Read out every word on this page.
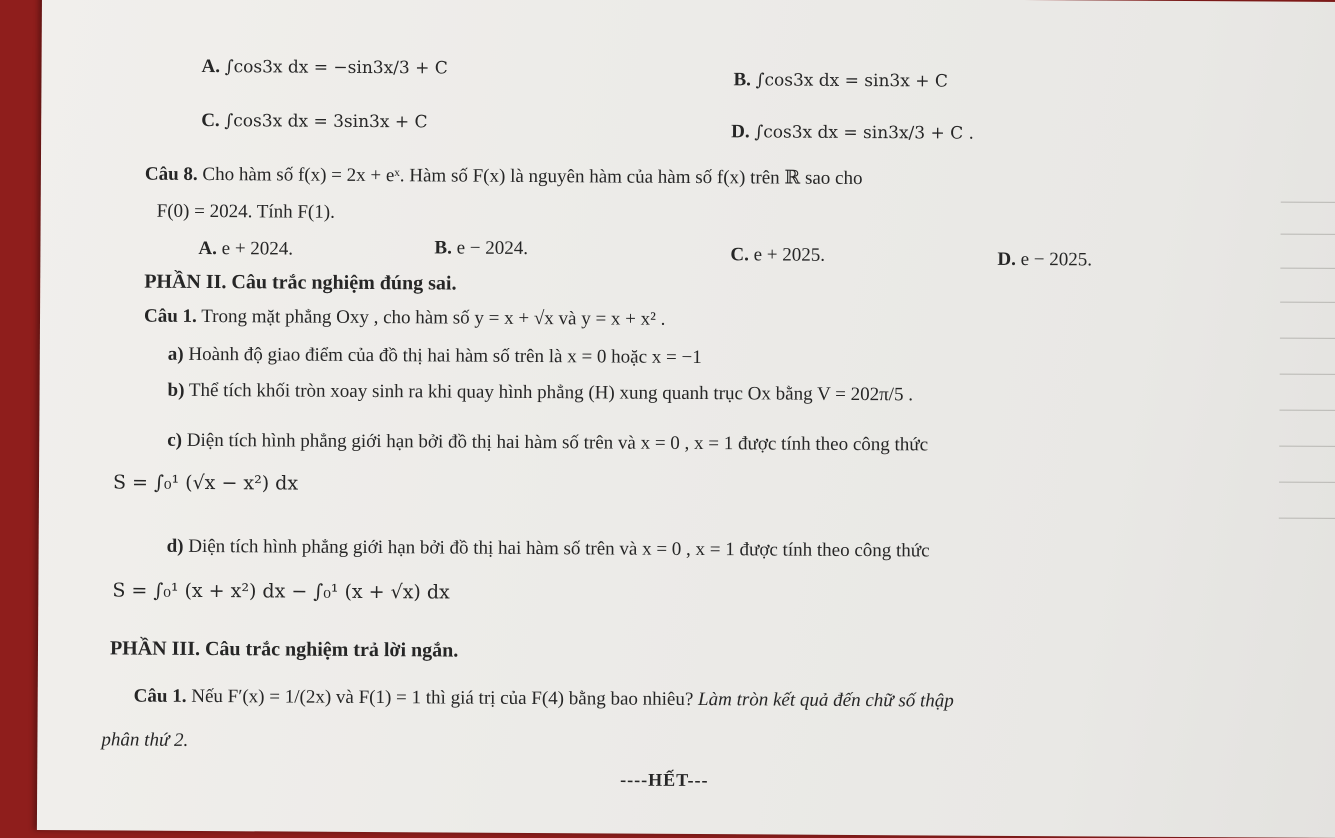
A. ∫cos3x dx = −sin3x/3 + C
B. ∫cos3x dx = sin3x + C
C. ∫cos3x dx = 3sin3x + C	D. ∫cos3x dx = sin3x/3 + C .
Câu 8. Cho hàm số f(x) = 2x + eˣ. Hàm số F(x) là nguyên hàm của hàm số f(x) trên ℝ sao cho
F(0) = 2024. Tính F(1).
A. e + 2024.	B. e − 2024.	C. e + 2025.	D. e − 2025.
PHẦN II. Câu trắc nghiệm đúng sai.
Câu 1. Trong mặt phẳng Oxy , cho hàm số y = x + √x và y = x + x² .
a) Hoành độ giao điểm của đồ thị hai hàm số trên là x = 0 hoặc x = −1
b) Thể tích khối tròn xoay sinh ra khi quay hình phẳng (H) xung quanh trục Ox bằng V = 202π/5 .
c) Diện tích hình phẳng giới hạn bởi đồ thị hai hàm số trên và x = 0 , x = 1 được tính theo công thức
S = ∫₀¹ (√x − x²) dx
d) Diện tích hình phẳng giới hạn bởi đồ thị hai hàm số trên và x = 0 , x = 1 được tính theo công thức
S = ∫₀¹ (x + x²) dx − ∫₀¹ (x + √x) dx
PHẦN III. Câu trắc nghiệm trả lời ngắn.
Câu 1. Nếu F′(x) = 1/(2x) và F(1) = 1 thì giá trị của F(4) bằng bao nhiêu? Làm tròn kết quả đến chữ số thập
phân thứ 2.
----HẾT---
